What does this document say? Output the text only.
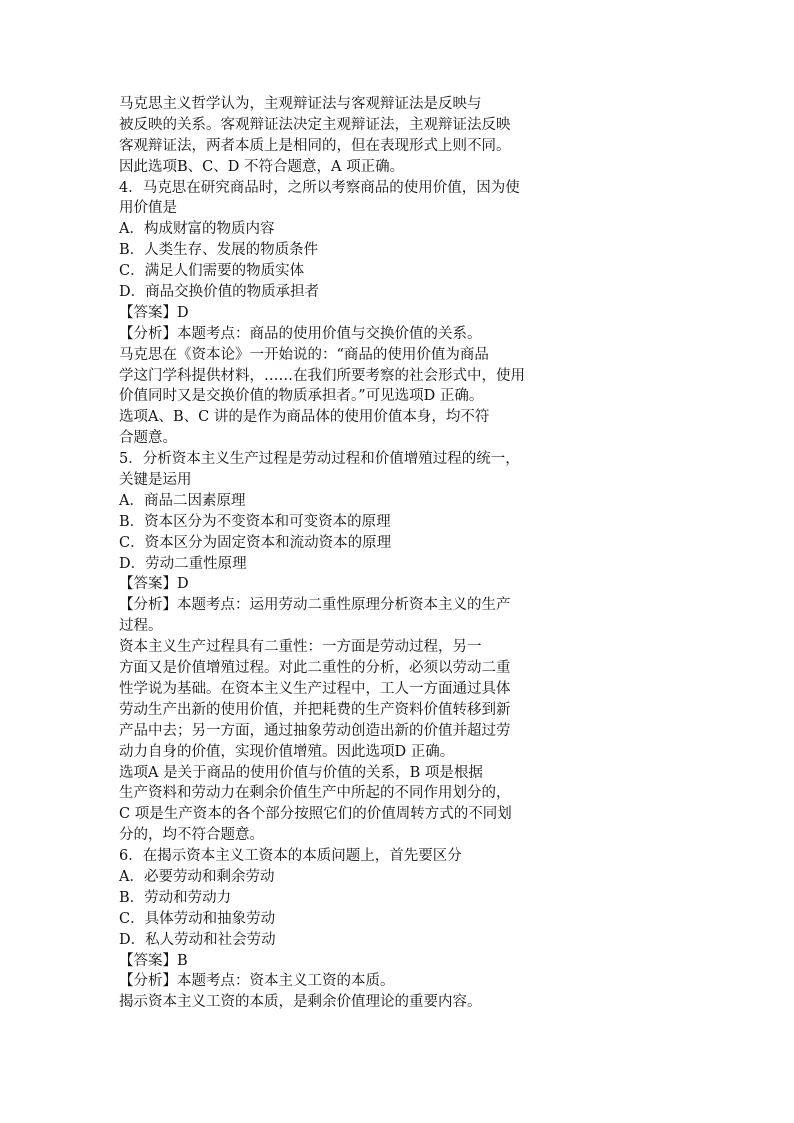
马克思主义哲学认为，主观辩证法与客观辩证法是反映与
被反映的关系。客观辩证法决定主观辩证法，主观辩证法反映
客观辩证法，两者本质上是相同的，但在表现形式上则不同。
因此选项B、C、D 不符合题意，A 项正确。
4．马克思在研究商品时，之所以考察商品的使用价值，因为使
用价值是
A．构成财富的物质内容
B．人类生存、发展的物质条件
C．满足人们需要的物质实体
D．商品交换价值的物质承担者
【答案】D
【分析】本题考点：商品的使用价值与交换价值的关系。
马克思在《资本论》一开始说的：“商品的使用价值为商品
学这门学科提供材料，……在我们所要考察的社会形式中，使用
价值同时又是交换价值的物质承担者。”可见选项D 正确。
选项A、B、C 讲的是作为商品体的使用价值本身，均不符
合题意。
5．分析资本主义生产过程是劳动过程和价值增殖过程的统一，
关键是运用
A．商品二因素原理
B．资本区分为不变资本和可变资本的原理
C．资本区分为固定资本和流动资本的原理
D．劳动二重性原理
【答案】D
【分析】本题考点：运用劳动二重性原理分析资本主义的生产
过程。
资本主义生产过程具有二重性：一方面是劳动过程，另一
方面又是价值增殖过程。对此二重性的分析，必须以劳动二重
性学说为基础。在资本主义生产过程中，工人一方面通过具体
劳动生产出新的使用价值，并把耗费的生产资料价值转移到新
产品中去；另一方面，通过抽象劳动创造出新的价值并超过劳
动力自身的价值，实现价值增殖。因此选项D 正确。
选项A 是关于商品的使用价值与价值的关系，B 项是根据
生产资料和劳动力在剩余价值生产中所起的不同作用划分的，
C 项是生产资本的各个部分按照它们的价值周转方式的不同划
分的，均不符合题意。
6．在揭示资本主义工资本的本质问题上，首先要区分
A．必要劳动和剩余劳动
B．劳动和劳动力
C．具体劳动和抽象劳动
D．私人劳动和社会劳动
【答案】B
【分析】本题考点：资本主义工资的本质。
揭示资本主义工资的本质，是剩余价值理论的重要内容。
